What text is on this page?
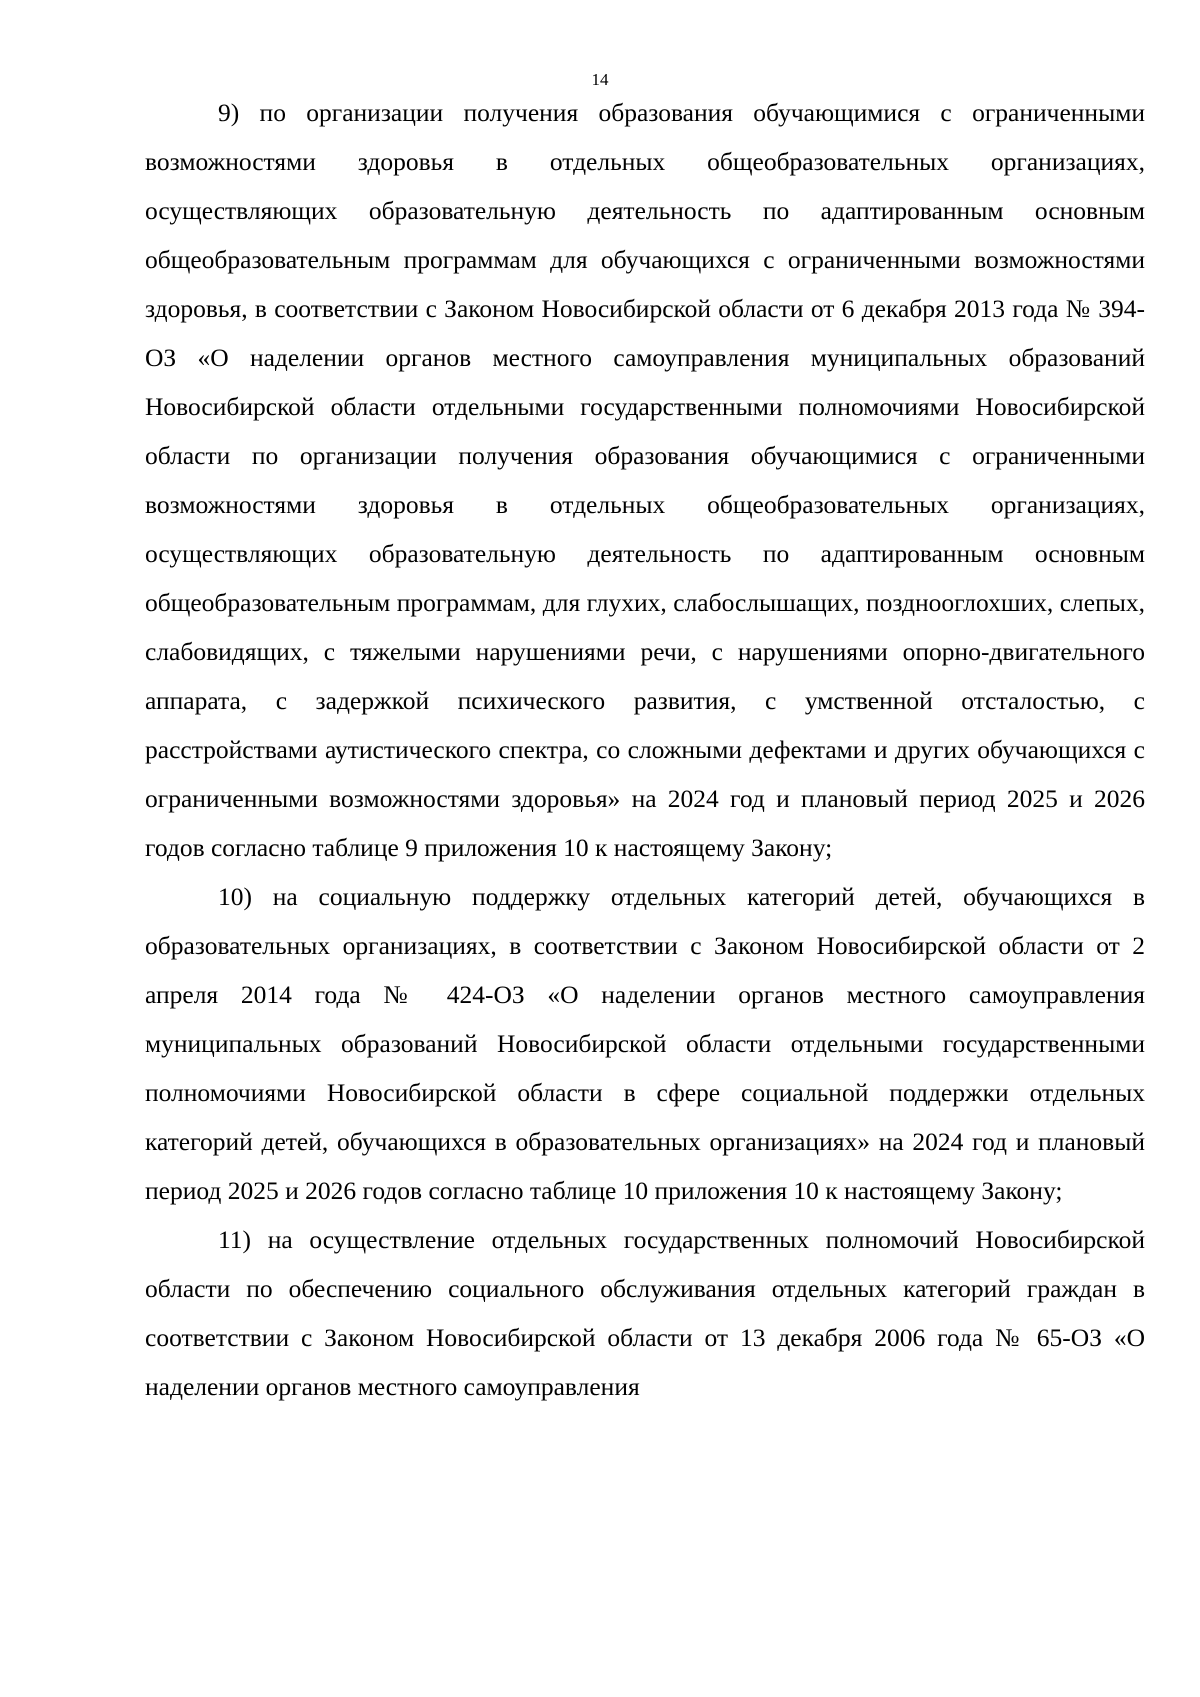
14

9) по организации получения образования обучающимися с ограниченными возможностями здоровья в отдельных общеобразовательных организациях, осуществляющих образовательную деятельность по адаптированным основным общеобразовательным программам для обучающихся с ограниченными возможностями здоровья, в соответствии с Законом Новосибирской области от 6 декабря 2013 года № 394-ОЗ «О наделении органов местного самоуправления муниципальных образований Новосибирской области отдельными государственными полномочиями Новосибирской области по организации получения образования обучающимися с ограниченными возможностями здоровья в отдельных общеобразовательных организациях, осуществляющих образовательную деятельность по адаптированным основным общеобразовательным программам, для глухих, слабослышащих, позднооглохших, слепых, слабовидящих, с тяжелыми нарушениями речи, с нарушениями опорно-двигательного аппарата, с задержкой психического развития, с умственной отсталостью, с расстройствами аутистического спектра, со сложными дефектами и других обучающихся с ограниченными возможностями здоровья» на 2024 год и плановый период 2025 и 2026 годов согласно таблице 9 приложения 10 к настоящему Закону;

10) на социальную поддержку отдельных категорий детей, обучающихся в образовательных организациях, в соответствии с Законом Новосибирской области от 2 апреля 2014 года № 424-ОЗ «О наделении органов местного самоуправления муниципальных образований Новосибирской области отдельными государственными полномочиями Новосибирской области в сфере социальной поддержки отдельных категорий детей, обучающихся в образовательных организациях» на 2024 год и плановый период 2025 и 2026 годов согласно таблице 10 приложения 10 к настоящему Закону;

11) на осуществление отдельных государственных полномочий Новосибирской области по обеспечению социального обслуживания отдельных категорий граждан в соответствии с Законом Новосибирской области от 13 декабря 2006 года № 65-ОЗ «О наделении органов местного самоуправления
